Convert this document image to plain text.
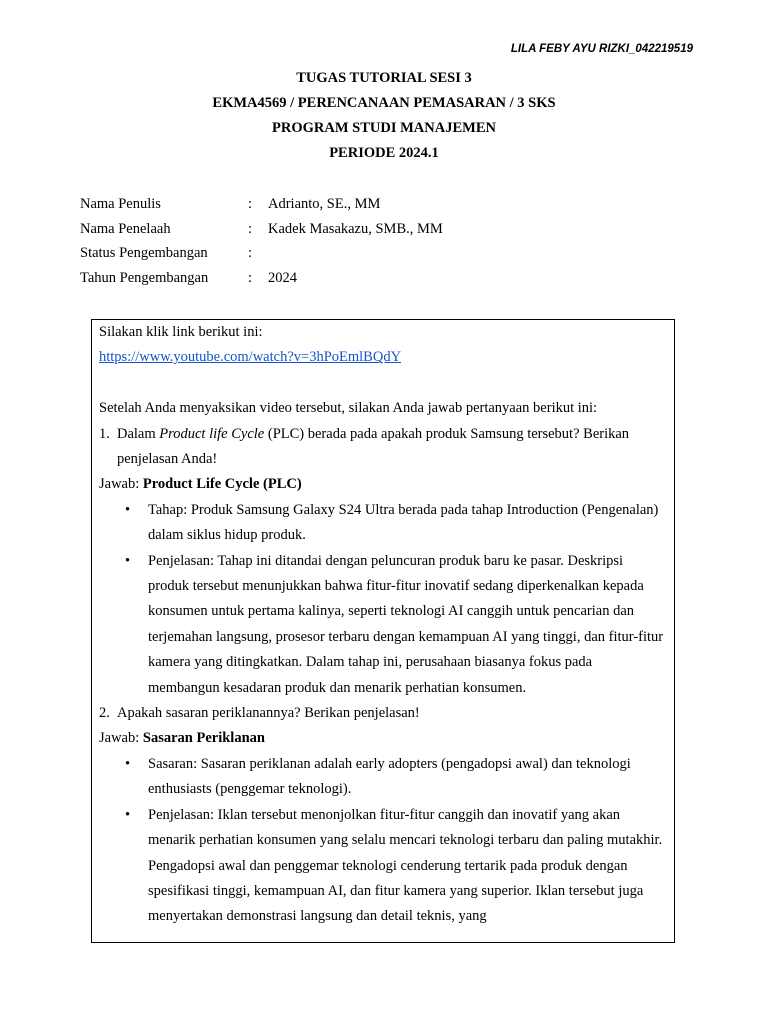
LILA FEBY AYU RIZKI_042219519
TUGAS TUTORIAL SESI 3
EKMA4569 / PERENCANAAN PEMASARAN / 3 SKS
PROGRAM STUDI MANAJEMEN
PERIODE 2024.1
Nama Penulis	: Adrianto, SE., MM
Nama Penelaah	: Kadek Masakazu, SMB., MM
Status Pengembangan	:
Tahun Pengembangan	: 2024

Silakan klik link berikut ini:

https://www.youtube.com/watch?v=3hPoEmlBQdY

Setelah Anda menyaksikan video tersebut, silakan Anda jawab pertanyaan berikut ini:

1. Dalam Product life Cycle (PLC) berada pada apakah produk Samsung tersebut? Berikan penjelasan Anda!

Jawab: Product Life Cycle (PLC)

•	Tahap: Produk Samsung Galaxy S24 Ultra berada pada tahap Introduction (Pengenalan) dalam siklus hidup produk.
•	Penjelasan: Tahap ini ditandai dengan peluncuran produk baru ke pasar. Deskripsi produk tersebut menunjukkan bahwa fitur-fitur inovatif sedang diperkenalkan kepada konsumen untuk pertama kalinya, seperti teknologi AI canggih untuk pencarian dan terjemahan langsung, prosesor terbaru dengan kemampuan AI yang tinggi, dan fitur-fitur kamera yang ditingkatkan. Dalam tahap ini, perusahaan biasanya fokus pada membangun kesadaran produk dan menarik perhatian konsumen.
2. Apakah sasaran periklanannya? Berikan penjelasan!

Jawab: Sasaran Periklanan

•	Sasaran: Sasaran periklanan adalah early adopters (pengadopsi awal) dan teknologi enthusiasts (penggemar teknologi).
•	Penjelasan: Iklan tersebut menonjolkan fitur-fitur canggih dan inovatif yang akan menarik perhatian konsumen yang selalu mencari teknologi terbaru dan paling mutakhir. Pengadopsi awal dan penggemar teknologi cenderung tertarik pada produk dengan spesifikasi tinggi, kemampuan AI, dan fitur kamera yang superior. Iklan tersebut juga menyertakan demonstrasi langsung dan detail teknis, yang
